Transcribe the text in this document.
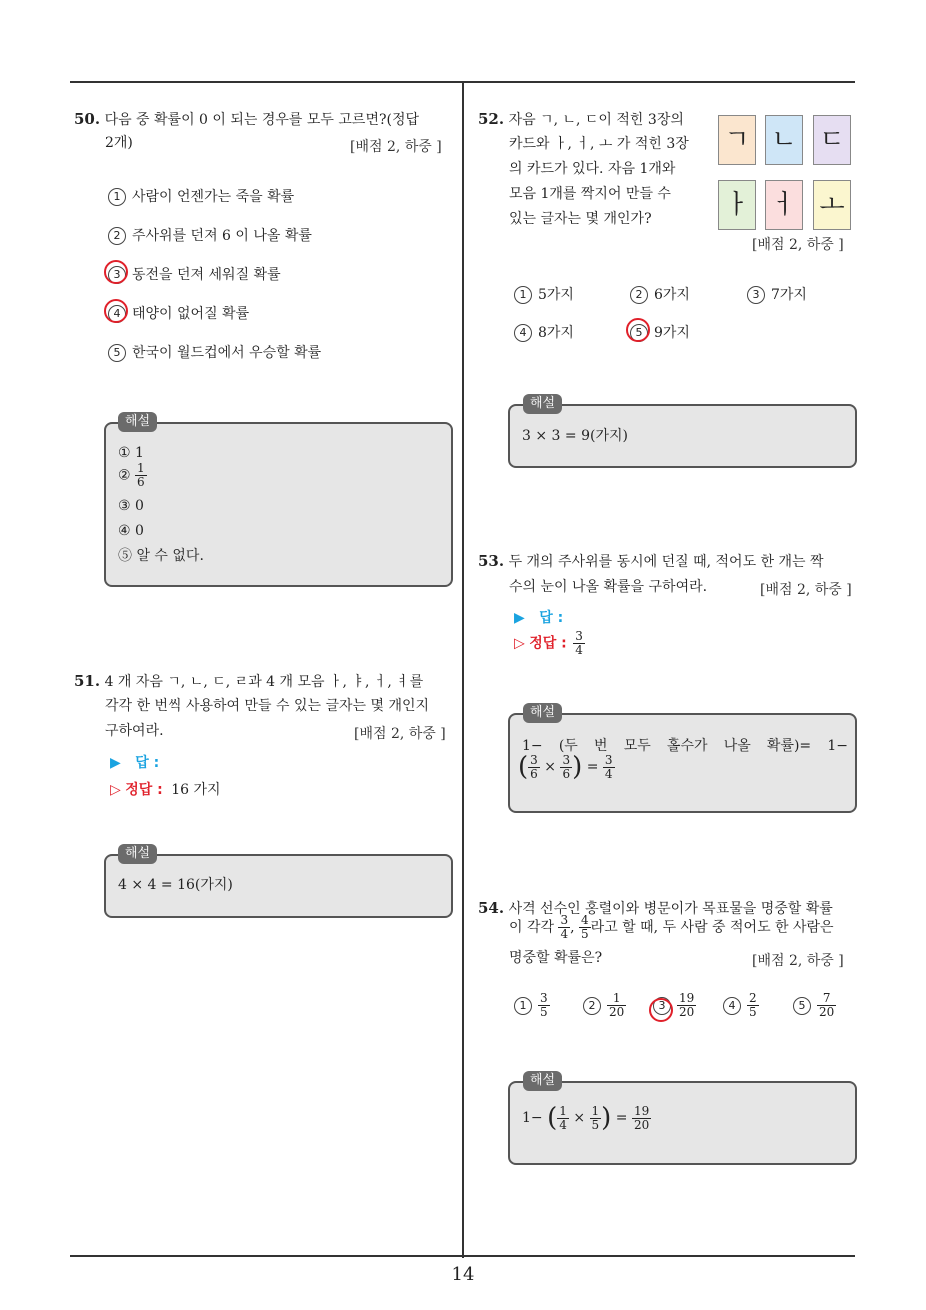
14
50. 다음 중 확률이 0 이 되는 경우를 모두 고르면?(정답
2개)	[배점 2, 하중 ]
1 사람이 언젠가는 죽을 확률
2 주사위를 던져 6 이 나올 확률
3 동전을 던져 세워질 확률
4 태양이 없어질 확률
5 한국이 월드컵에서 우승할 확률
해설
① 1
② $\frac{1}{6}$
③ 0
④ 0
⑤ 알 수 없다.
51. 4 개 자음 ㄱ, ㄴ, ㄷ, ㄹ과 4 개 모음 ㅏ, ㅑ, ㅓ, ㅕ를
각각 한 번씩 사용하여 만들 수 있는 글자는 몇 개인지
구하여라.	[배점 2, 하중 ]
▶ 답 :
▷ 정답 : 16 가지
해설
4 × 4 = 16(가지)
52. 자음 ㄱ, ㄴ, ㄷ이 적힌 3장의
카드와 ㅏ, ㅓ, ㅗ 가 적힌 3장
의 카드가 있다. 자음 1개와
모음 1개를 짝지어 만들 수
있는 글자는 몇 개인가?
ㄱ ㄴ ㄷ
ㅏ ㅓ ㅗ
[배점 2, 하중 ]
1 5가지	2 6가지	3 7가지
4 8가지	5 9가지
해설
3 × 3 = 9(가지)
53. 두 개의 주사위를 동시에 던질 때, 적어도 한 개는 짝
수의 눈이 나올 확률을 구하여라.	[배점 2, 하중 ]
▶ 답 :
▷ 정답 : $\frac{3}{4}$
해설
1− (두 번 모두 홀수가 나올 확률)= 1−
( $\frac{3}{6} \times \frac{3}{6}$ ) = $\frac{3}{4}$
54. 사격 선수인 홍렬이와 병문이가 목표물을 명중할 확률
이 각각 $\frac{3}{4}$ , $\frac{4}{5}$ 라고 할 때, 두 사람 중 적어도 한 사람은
명중할 확률은?	[배점 2, 하중 ]
$1 \frac{3}{5}$	$2 \frac{1}{20}$	$3 \frac{19}{20}$	$4 \frac{2}{5}$	$5 \frac{7}{20}$
해설
1− ( $\frac{1}{4} \times \frac{1}{5}$ ) = $\frac{19}{20}$
